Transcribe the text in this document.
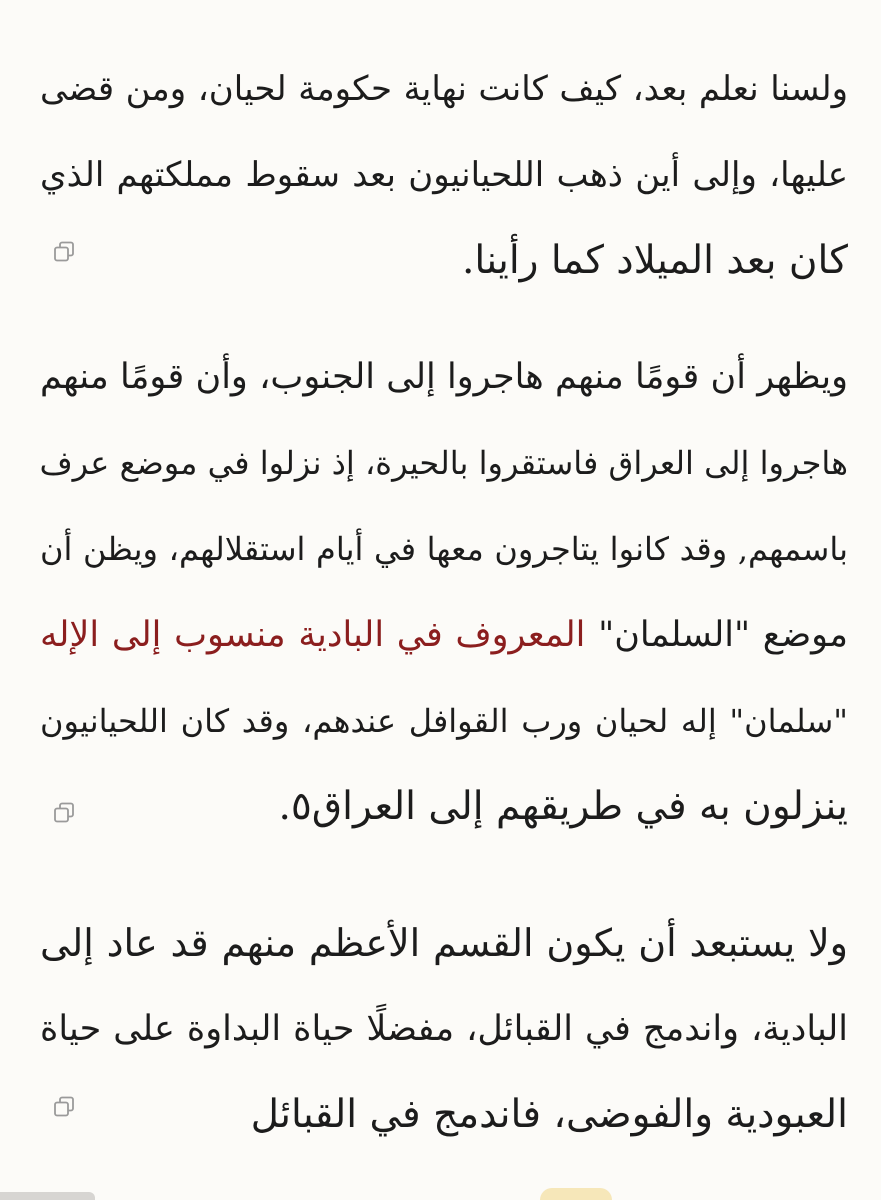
ولسنا نعلم بعد، كيف كانت نهاية حكومة لحيان، ومن قضى
عليها، وإلى أين ذهب اللحيانيون بعد سقوط مملكتهم الذي
كان بعد الميلاد كما رأينا.
ويظهر أن قومًا منهم هاجروا إلى الجنوب، وأن قومًا منهم
هاجروا إلى العراق فاستقروا بالحيرة، إذ نزلوا في موضع عرف
باسمهم, وقد كانوا يتاجرون معها في أيام استقلالهم، ويظن أن
موضع "السلمان" المعروف في البادية منسوب إلى الإله
"سلمان" إله لحيان ورب القوافل عندهم، وقد كان اللحيانيون
ينزلون به في طريقهم إلى العراق٥.
ولا يستبعد أن يكون القسم الأعظم منهم قد عاد إلى
البادية، واندمج في القبائل، مفضلًا حياة البداوة على حياة
العبودية والفوضى، فاندمج في القبائل
